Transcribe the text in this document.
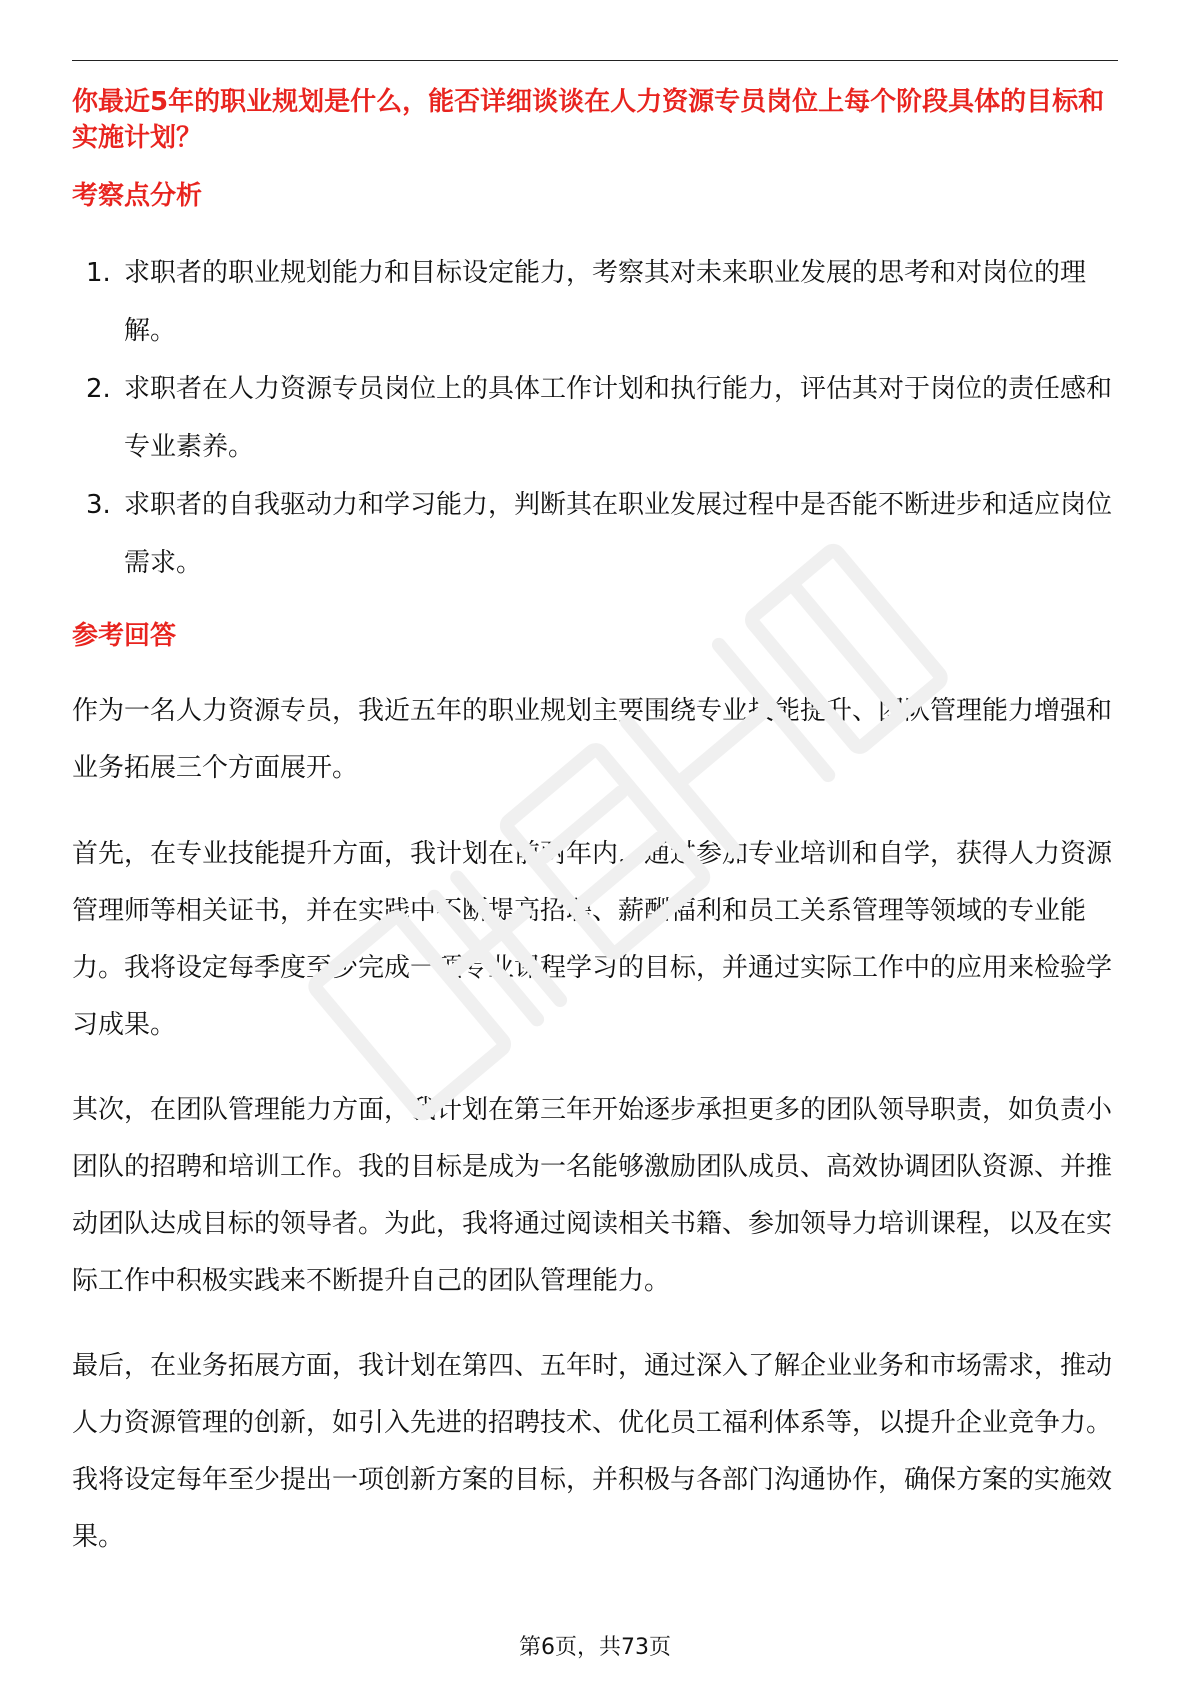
你最近5年的职业规划是什么，能否详细谈谈在人力资源专员岗位上每个阶段具体的目标和实施计划？
考察点分析
1. 求职者的职业规划能力和目标设定能力，考察其对未来职业发展的思考和对岗位的理解。
2. 求职者在人力资源专员岗位上的具体工作计划和执行能力，评估其对于岗位的责任感和专业素养。
3. 求职者的自我驱动力和学习能力，判断其在职业发展过程中是否能不断进步和适应岗位需求。
参考回答

作为一名人力资源专员，我近五年的职业规划主要围绕专业技能提升、团队管理能力增强和业务拓展三个方面展开。

首先，在专业技能提升方面，我计划在前两年内，通过参加专业培训和自学，获得人力资源管理师等相关证书，并在实践中不断提高招聘、薪酬福利和员工关系管理等领域的专业能力。我将设定每季度至少完成一项专业课程学习的目标，并通过实际工作中的应用来检验学习成果。

其次，在团队管理能力方面，我计划在第三年开始逐步承担更多的团队领导职责，如负责小团队的招聘和培训工作。我的目标是成为一名能够激励团队成员、高效协调团队资源、并推动团队达成目标的领导者。为此，我将通过阅读相关书籍、参加领导力培训课程，以及在实际工作中积极实践来不断提升自己的团队管理能力。

最后，在业务拓展方面，我计划在第四、五年时，通过深入了解企业业务和市场需求，推动人力资源管理的创新，如引入先进的招聘技术、优化员工福利体系等，以提升企业竞争力。我将设定每年至少提出一项创新方案的目标，并积极与各部门沟通协作，确保方案的实施效果。

第6页，共73页
